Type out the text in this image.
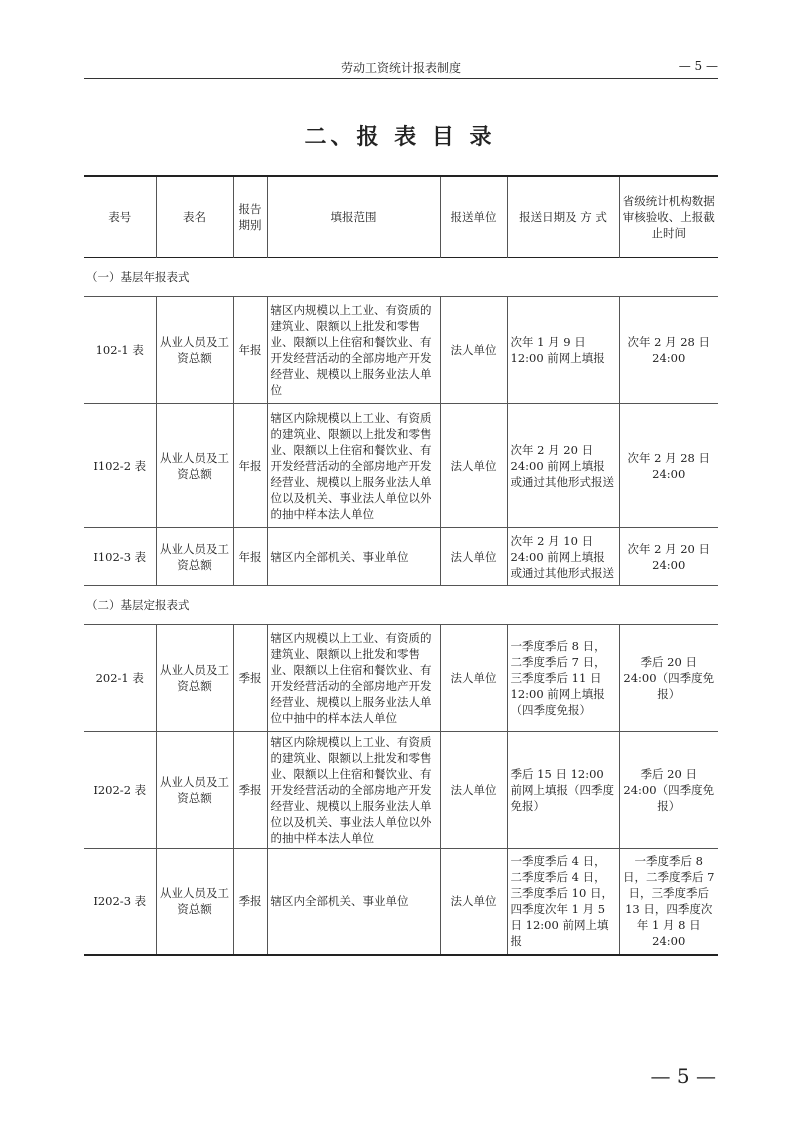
劳动工资统计报表制度	— 5 —
二、报 表 目 录
表号	表名	报告期别	填报范围	报送单位	报送日期及 方 式	省级统计机构数据审核验收、上报截止时间
（一）基层年报表式						
102-1 表	从业人员及工资总额	年报	辖区内规模以上工业、有资质的建筑业、限额以上批发和零售业、限额以上住宿和餐饮业、有开发经营活动的全部房地产开发经营业、规模以上服务业法人单位	法人单位	次年 1 月 9 日 12:00 前网上填报	次年 2 月 28 日 24:00
I102-2 表	从业人员及工资总额	年报	辖区内除规模以上工业、有资质的建筑业、限额以上批发和零售业、限额以上住宿和餐饮业、有开发经营活动的全部房地产开发经营业、规模以上服务业法人单位以及机关、事业法人单位以外的抽中样本法人单位	法人单位	次年 2 月 20 日 24:00 前网上填报或通过其他形式报送	次年 2 月 28 日 24:00
I102-3 表	从业人员及工资总额	年报	辖区内全部机关、事业单位	法人单位	次年 2 月 10 日 24:00 前网上填报或通过其他形式报送	次年 2 月 20 日 24:00
（二）基层定报表式						
202-1 表	从业人员及工资总额	季报	辖区内规模以上工业、有资质的建筑业、限额以上批发和零售业、限额以上住宿和餐饮业、有开发经营活动的全部房地产开发经营业、规模以上服务业法人单位中抽中的样本法人单位	法人单位	一季度季后 8 日，二季度季后 7 日，三季度季后 11 日 12:00 前网上填报（四季度免报）	季后 20 日 24:00（四季度免报）
I202-2 表	从业人员及工资总额	季报	辖区内除规模以上工业、有资质的建筑业、限额以上批发和零售业、限额以上住宿和餐饮业、有开发经营活动的全部房地产开发经营业、规模以上服务业法人单位以及机关、事业法人单位以外的抽中样本法人单位	法人单位	季后 15 日 12:00 前网上填报（四季度免报）	季后 20 日 24:00（四季度免报）
I202-3 表	从业人员及工资总额	季报	辖区内全部机关、事业单位	法人单位	一季度季后 4 日，二季度季后 4 日，三季度季后 10 日，四季度次年 1 月 5 日 12:00 前网上填报	一季度季后 8 日，二季度季后 7 日，三季度季后 13 日，四季度次年 1 月 8 日 24:00
— 5 —
